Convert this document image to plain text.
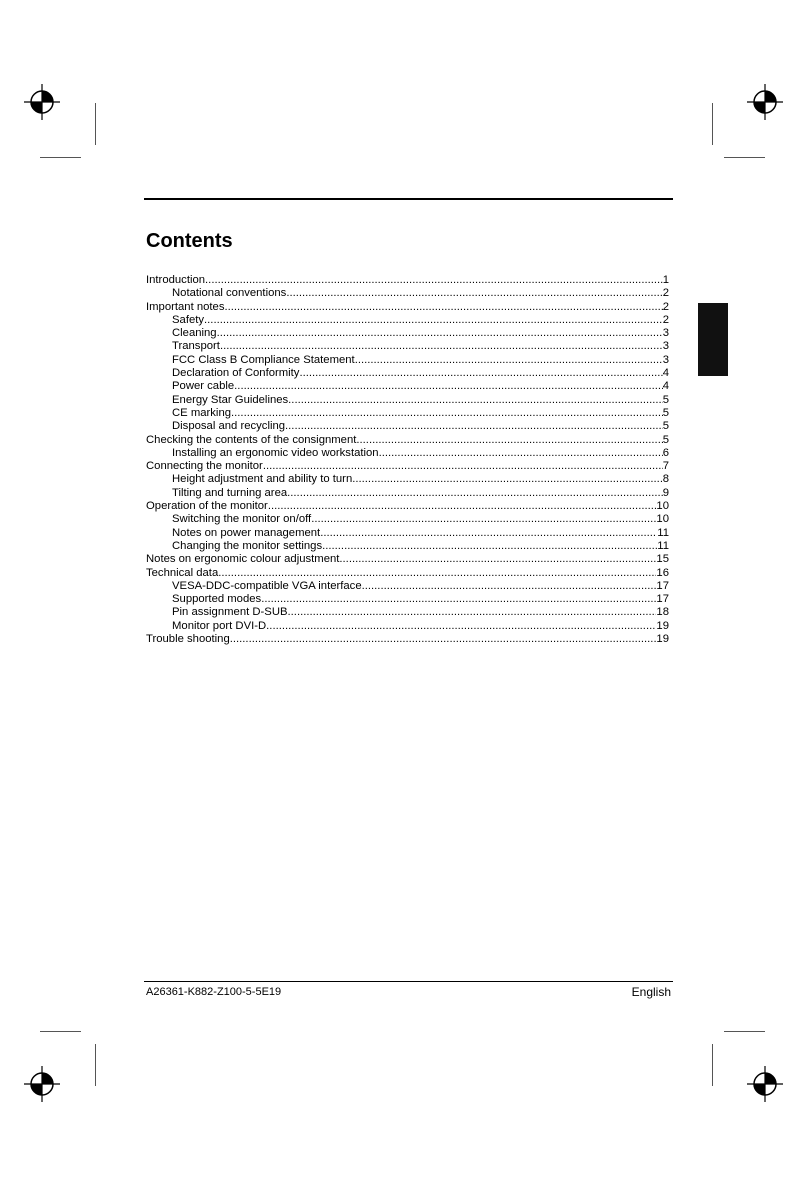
Contents
Introduction .....	1
Notational conventions .....	2
Important notes .....	2
Safety .....	2
Cleaning .....	3
Transport .....	3
FCC Class B Compliance Statement .....	3
Declaration of Conformity .....	4
Power cable .....	4
Energy Star Guidelines .....	5
CE marking .....	5
Disposal and recycling .....	5
Checking the contents of the consignment .....	5
Installing an ergonomic video workstation .....	6
Connecting the monitor .....	7
Height adjustment and ability to turn .....	8
Tilting and turning area .....	9
Operation of the monitor .....	10
Switching the monitor on/off .....	10
Notes on power management .....	11
Changing the monitor settings .....	11
Notes on ergonomic colour adjustment .....	15
Technical data .....	16
VESA-DDC-compatible VGA interface .....	17
Supported modes .....	17
Pin assignment D-SUB .....	18
Monitor port DVI-D .....	19
Trouble shooting .....	19
A26361-K882-Z100-5-5E19	English
